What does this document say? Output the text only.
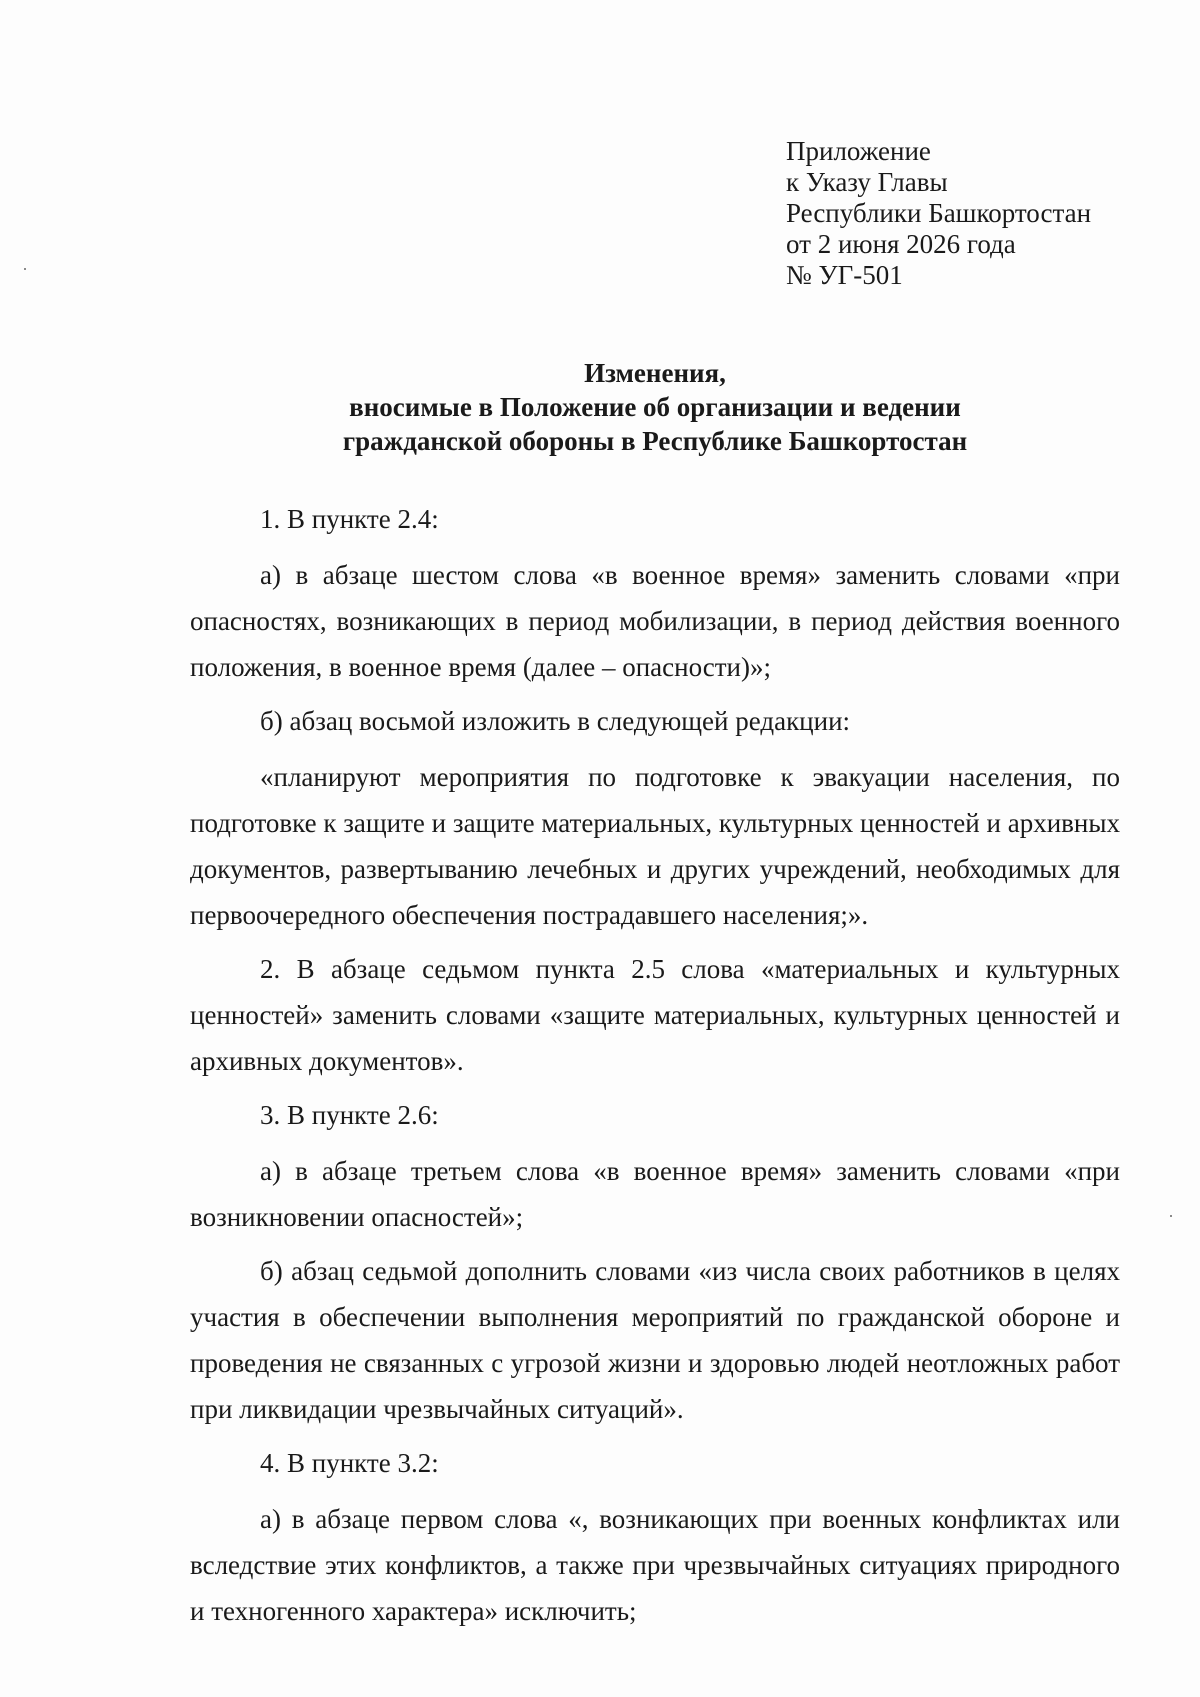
Приложение
к Указу Главы
Республики Башкортостан
от 2 июня 2026 года
№ УГ-501
Изменения,
вносимые в Положение об организации и ведении
гражданской обороны в Республике Башкортостан

1. В пункте 2.4:

а) в абзаце шестом слова «в военное время» заменить словами «при опасностях, возникающих в период мобилизации, в период действия военного положения, в военное время (далее – опасности)»;

б) абзац восьмой изложить в следующей редакции:

«планируют мероприятия по подготовке к эвакуации населения, по подготовке к защите и защите материальных, культурных ценностей и архивных документов, развертыванию лечебных и других учреждений, необходимых для первоочередного обеспечения пострадавшего населения;».

2. В абзаце седьмом пункта 2.5 слова «материальных и культурных ценностей» заменить словами «защите материальных, культурных ценностей и архивных документов».

3. В пункте 2.6:

а) в абзаце третьем слова «в военное время» заменить словами «при возникновении опасностей»;

б) абзац седьмой дополнить словами «из числа своих работников в целях участия в обеспечении выполнения мероприятий по гражданской обороне и проведения не связанных с угрозой жизни и здоровью людей неотложных работ при ликвидации чрезвычайных ситуаций».

4. В пункте 3.2:

а) в абзаце первом слова «, возникающих при военных конфликтах или вследствие этих конфликтов, а также при чрезвычайных ситуациях природного и техногенного характера» исключить;
